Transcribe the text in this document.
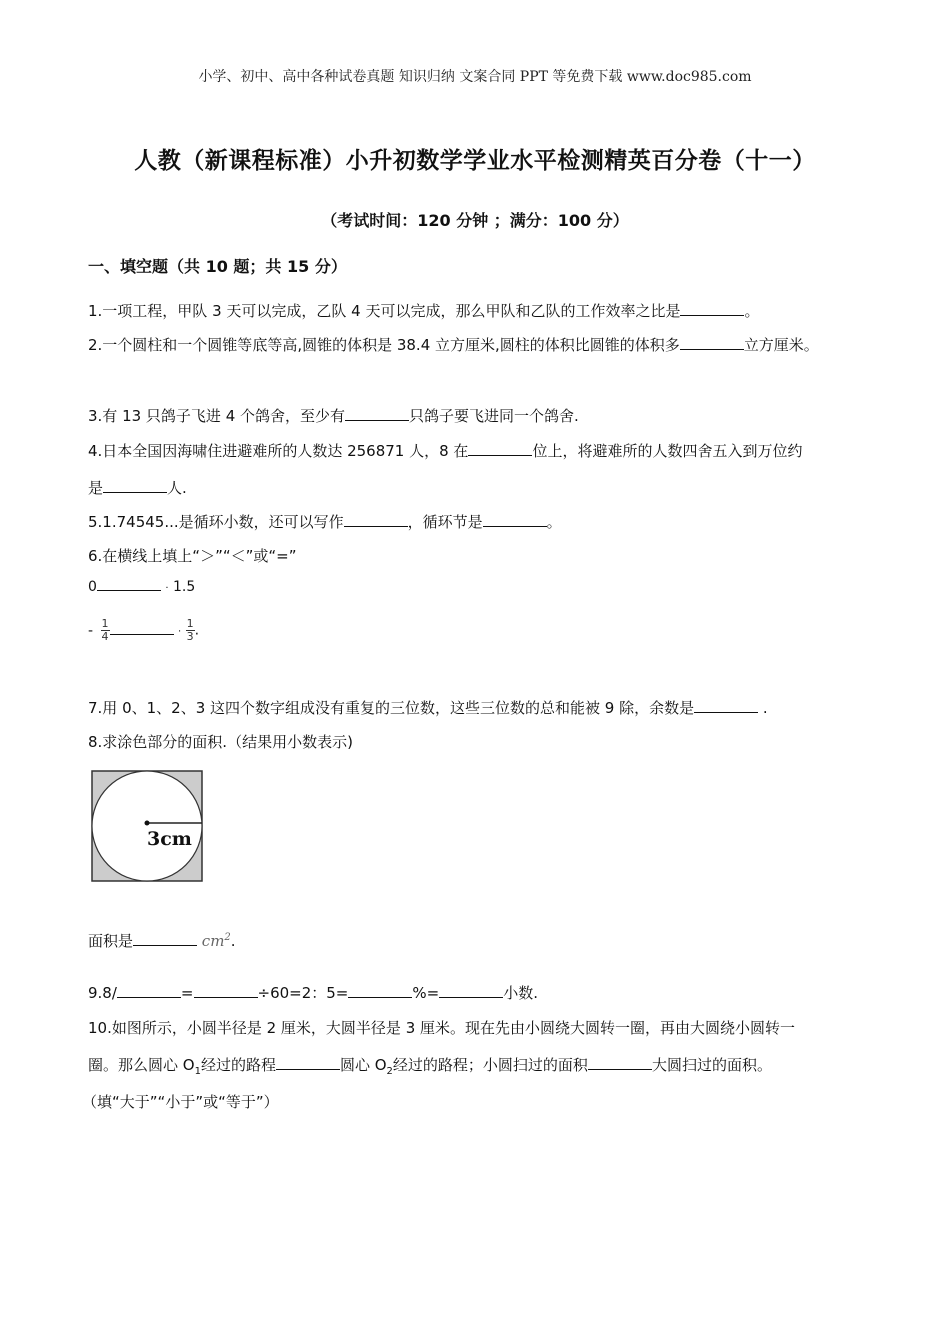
小学、初中、高中各种试卷真题 知识归纳 文案合同 PPT 等免费下载 www.doc985.com
人教（新课程标准）小升初数学学业水平检测精英百分卷（十一）
（考试时间：120 分钟 ；满分：100 分）
一、填空题（共 10 题；共 15 分）
1.一项工程，甲队 3 天可以完成，乙队 4 天可以完成，那么甲队和乙队的工作效率之比是	。
2.一个圆柱和一个圆锥等底等高,圆锥的体积是 38.4 立方厘米,圆柱的体积比圆锥的体积多	立方厘米。
3.有 13 只鸽子飞进 4 个鸽舍，至少有	只鸽子要飞进同一个鸽舍.
4.日本全国因海啸住进避难所的人数达 256871 人，8 在	位上，将避难所的人数四舍五入到万位约
是	人.
5.1.74545...是循环小数，还可以写作	，循环节是	。
6.在横线上填上“＞”“＜”或“=”
0	· 1.5
- $\frac{1}{4}$	· $\frac{1}{3}$ .
7.用 0、1、2、3 这四个数字组成没有重复的三位数，这些三位数的总和能被 9 除，余数是	.
8.求涂色部分的面积.（结果用小数表示)
3cm
面积是	$cm^2$.
9.8/	=	÷60=2：5=	%=	小数.
10.如图所示，小圆半径是 2 厘米，大圆半径是 3 厘米。现在先由小圆绕大圆转一圈，再由大圆绕小圆转一
圈。那么圆心 $O_1$经过的路程	圆心 $O_2$经过的路程；小圆扫过的面积	大圆扫过的面积。
（填“大于”“小于”或“等于”）
